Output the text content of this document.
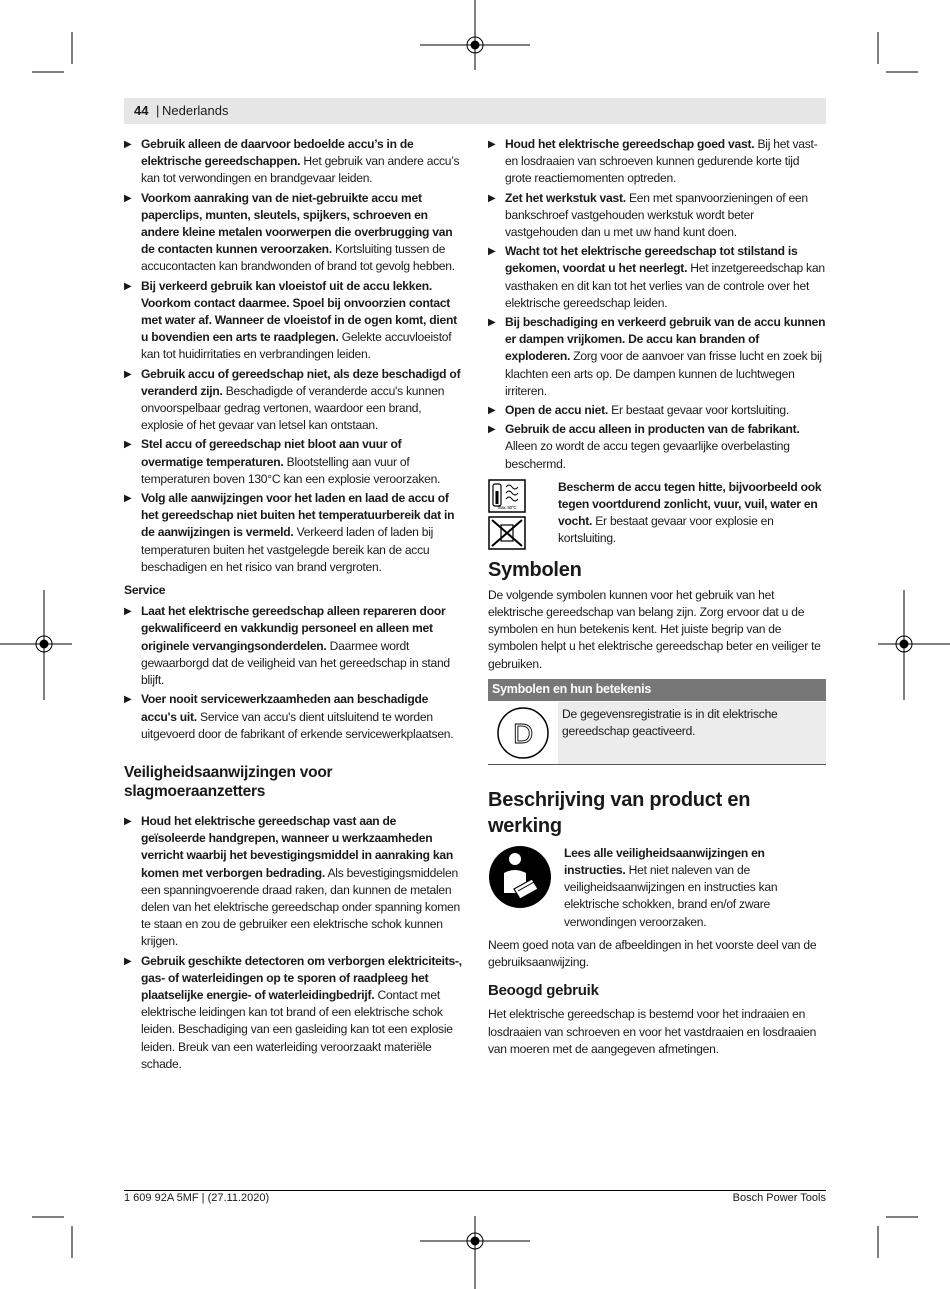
44 | Nederlands
▶ Gebruik alleen de daarvoor bedoelde accu’s in de elektrische gereedschappen. Het gebruik van andere accu’s kan tot verwondingen en brandgevaar leiden.
▶ Voorkom aanraking van de niet-gebruikte accu met paperclips, munten, sleutels, spijkers, schroeven en andere kleine metalen voorwerpen die overbrugging van de contacten kunnen veroorzaken. Kortsluiting tussen de accucontacten kan brandwonden of brand tot gevolg hebben.
▶ Bij verkeerd gebruik kan vloeistof uit de accu lekken. Voorkom contact daarmee. Spoel bij onvoorzien contact met water af. Wanneer de vloeistof in de ogen komt, dient u bovendien een arts te raadplegen. Gelekte accuvloeistof kan tot huidirritaties en verbrandingen leiden.
▶ Gebruik accu of gereedschap niet, als deze beschadigd of veranderd zijn. Beschadigde of veranderde accu's kunnen onvoorspelbaar gedrag vertonen, waardoor een brand, explosie of het gevaar van letsel kan ontstaan.
▶ Stel accu of gereedschap niet bloot aan vuur of overmatige temperaturen. Blootstelling aan vuur of temperaturen boven 130°C kan een explosie veroorzaken.
▶ Volg alle aanwijzingen voor het laden en laad de accu of het gereedschap niet buiten het temperatuurbereik dat in de aanwijzingen is vermeld. Verkeerd laden of laden bij temperaturen buiten het vastgelegde bereik kan de accu beschadigen en het risico van brand vergroten.
Service
▶ Laat het elektrische gereedschap alleen repareren door gekwalificeerd en vakkundig personeel en alleen met originele vervangingsonderdelen. Daarmee wordt gewaarborgd dat de veiligheid van het gereedschap in stand blijft.
▶ Voer nooit servicewerkzaamheden aan beschadigde accu's uit. Service van accu's dient uitsluitend te worden uitgevoerd door de fabrikant of erkende servicewerkplaatsen.
Veiligheidsaanwijzingen voor slagmoeraanzetters
▶ Houd het elektrische gereedschap vast aan de geïsoleerde handgrepen, wanneer u werkzaamheden verricht waarbij het bevestigingsmiddel in aanraking kan komen met verborgen bedrading. Als bevestigingsmiddelen een spanningvoerende draad raken, dan kunnen de metalen delen van het elektrische gereedschap onder spanning komen te staan en zou de gebruiker een elektrische schok kunnen krijgen.
▶ Gebruik geschikte detectoren om verborgen elektriciteits-, gas- of waterleidingen op te sporen of raadpleeg het plaatselijke energie- of waterleidingbedrijf. Contact met elektrische leidingen kan tot brand of een elektrische schok leiden. Beschadiging van een gasleiding kan tot een explosie leiden. Breuk van een waterleiding veroorzaakt materiële schade.
▶ Houd het elektrische gereedschap goed vast. Bij het vast- en losdraaien van schroeven kunnen gedurende korte tijd grote reactiemomenten optreden.
▶ Zet het werkstuk vast. Een met spanvoorzieningen of een bankschroef vastgehouden werkstuk wordt beter vastgehouden dan u met uw hand kunt doen.
▶ Wacht tot het elektrische gereedschap tot stilstand is gekomen, voordat u het neerlegt. Het inzetgereedschap kan vasthaken en dit kan tot het verlies van de controle over het elektrische gereedschap leiden.
▶ Bij beschadiging en verkeerd gebruik van de accu kunnen er dampen vrijkomen. De accu kan branden of exploderen. Zorg voor de aanvoer van frisse lucht en zoek bij klachten een arts op. De dampen kunnen de luchtwegen irriteren.
▶ Open de accu niet. Er bestaat gevaar voor kortsluiting.
▶ Gebruik de accu alleen in producten van de fabrikant. Alleen zo wordt de accu tegen gevaarlijke overbelasting beschermd.
max. 50°C
Bescherm de accu tegen hitte, bijvoorbeeld ook tegen voortdurend zonlicht, vuur, vuil, water en vocht. Er bestaat gevaar voor explosie en kortsluiting.
Symbolen
De volgende symbolen kunnen voor het gebruik van het elektrische gereedschap van belang zijn. Zorg ervoor dat u de symbolen en hun betekenis kent. Het juiste begrip van de symbolen helpt u het elektrische gereedschap beter en veiliger te gebruiken.
Symbolen en hun betekenis
D
De gegevensregistratie is in dit elektrische gereedschap geactiveerd.
Beschrijving van product en werking
Lees alle veiligheidsaanwijzingen en instructies. Het niet naleven van de veiligheidsaanwijzingen en instructies kan elektrische schokken, brand en/of zware verwondingen veroorzaken.
Neem goed nota van de afbeeldingen in het voorste deel van de gebruiksaanwijzing.
Beoogd gebruik
Het elektrische gereedschap is bestemd voor het indraaien en losdraaien van schroeven en voor het vastdraaien en losdraaien van moeren met de aangegeven afmetingen.
1 609 92A 5MF | (27.11.2020)	Bosch Power Tools
